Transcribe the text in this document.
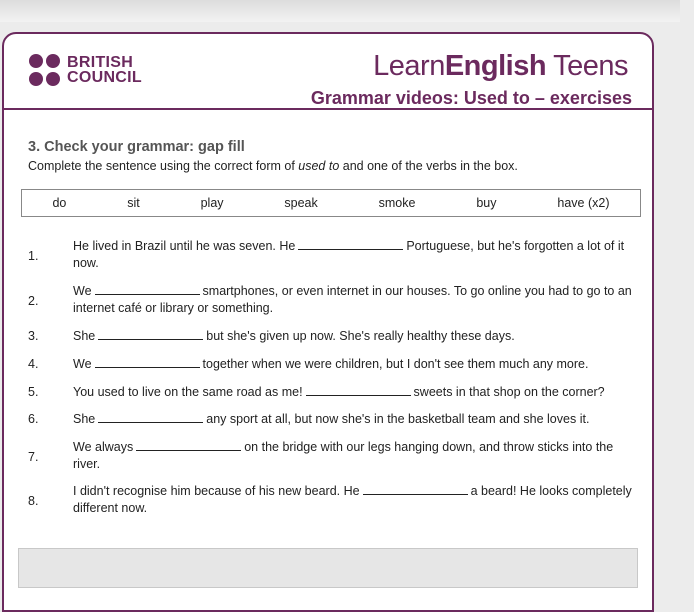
BRITISH
COUNCIL	LearnEnglish Teens
Grammar videos: Used to – exercises
3. Check your grammar: gap fill
Complete the sentence using the correct form of used to and one of the verbs in the box.
do	sit	play	speak	smoke	buy	have (x2)
1.
He lived in Brazil until he was seven. He	Portuguese, but he's forgotten a lot of it now.
2.
We	smartphones, or even internet in our houses. To go online you had to go to an internet café or library or something.
3.	She	but she's given up now. She's really healthy these days.
4.	We	together when we were children, but I don't see them much any more.
5.	You used to live on the same road as me!	sweets in that shop on the corner?
6.	She	any sport at all, but now she's in the basketball team and she loves it.
7.
We always	on the bridge with our legs hanging down, and throw sticks into the river.
8.
I didn't recognise him because of his new beard. He	a beard! He looks completely different now.
